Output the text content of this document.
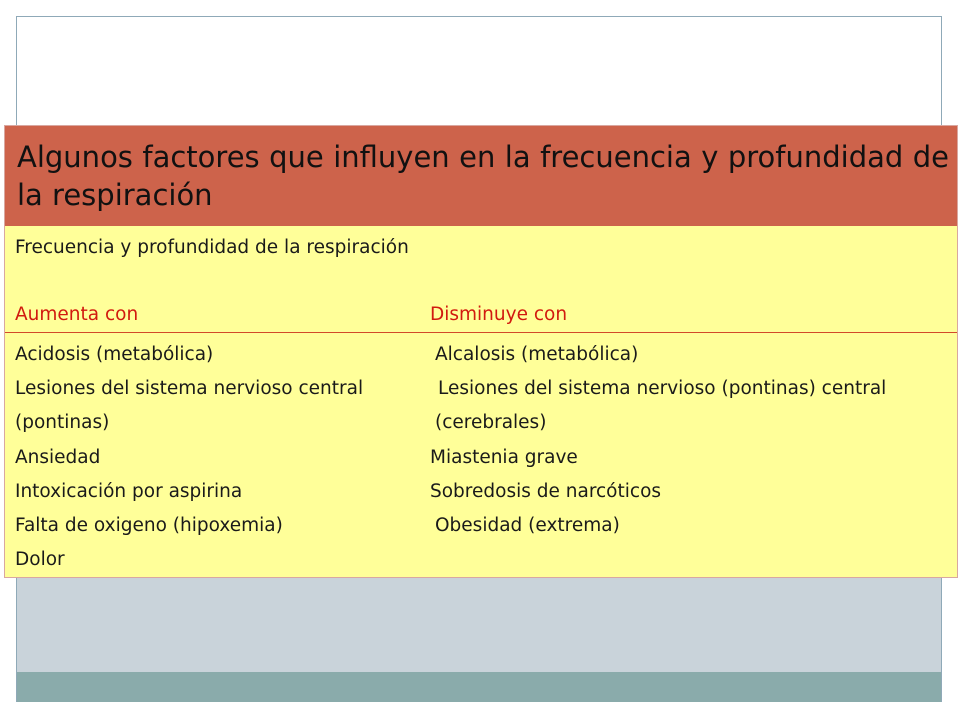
Algunos factores que influyen en la frecuencia y profundidad de la respiración
Frecuencia y profundidad de la respiración
Aumenta con	Disminuye con
Acidosis (metabólica)	Alcalosis (metabólica)
Lesiones del sistema nervioso central	Lesiones del sistema nervioso (pontinas) central
(pontinas)	(cerebrales)
Ansiedad	Miastenia grave
Intoxicación por aspirina	Sobredosis de narcóticos
Falta de oxigeno (hipoxemia)	Obesidad (extrema)
Dolor
